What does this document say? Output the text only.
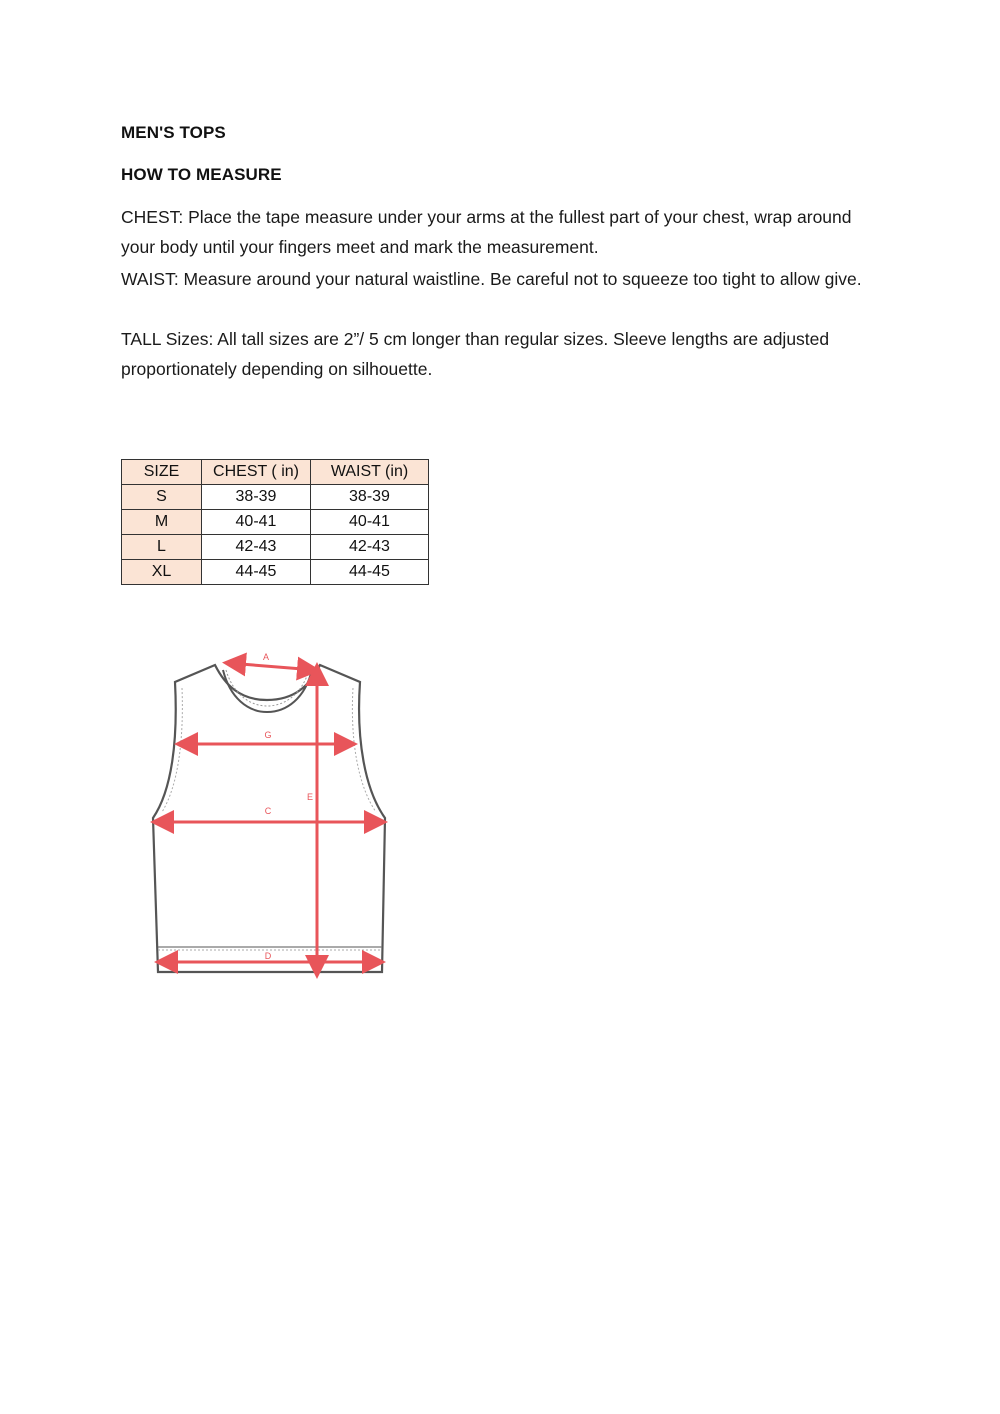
MEN'S TOPS
HOW TO MEASURE
CHEST: Place the tape measure under your arms at the fullest part of your chest, wrap around your body until your fingers meet and mark the measurement.
WAIST: Measure around your natural waistline. Be careful not to squeeze too tight to allow give.
TALL Sizes: All tall sizes are 2”/ 5 cm longer than regular sizes. Sleeve lengths are adjusted proportionately depending on silhouette.
SIZE	CHEST ( in)	WAIST (in)
S	38-39	38-39
M	40-41	40-41
L	42-43	42-43
XL	44-45	44-45
A
G
E
C
D
